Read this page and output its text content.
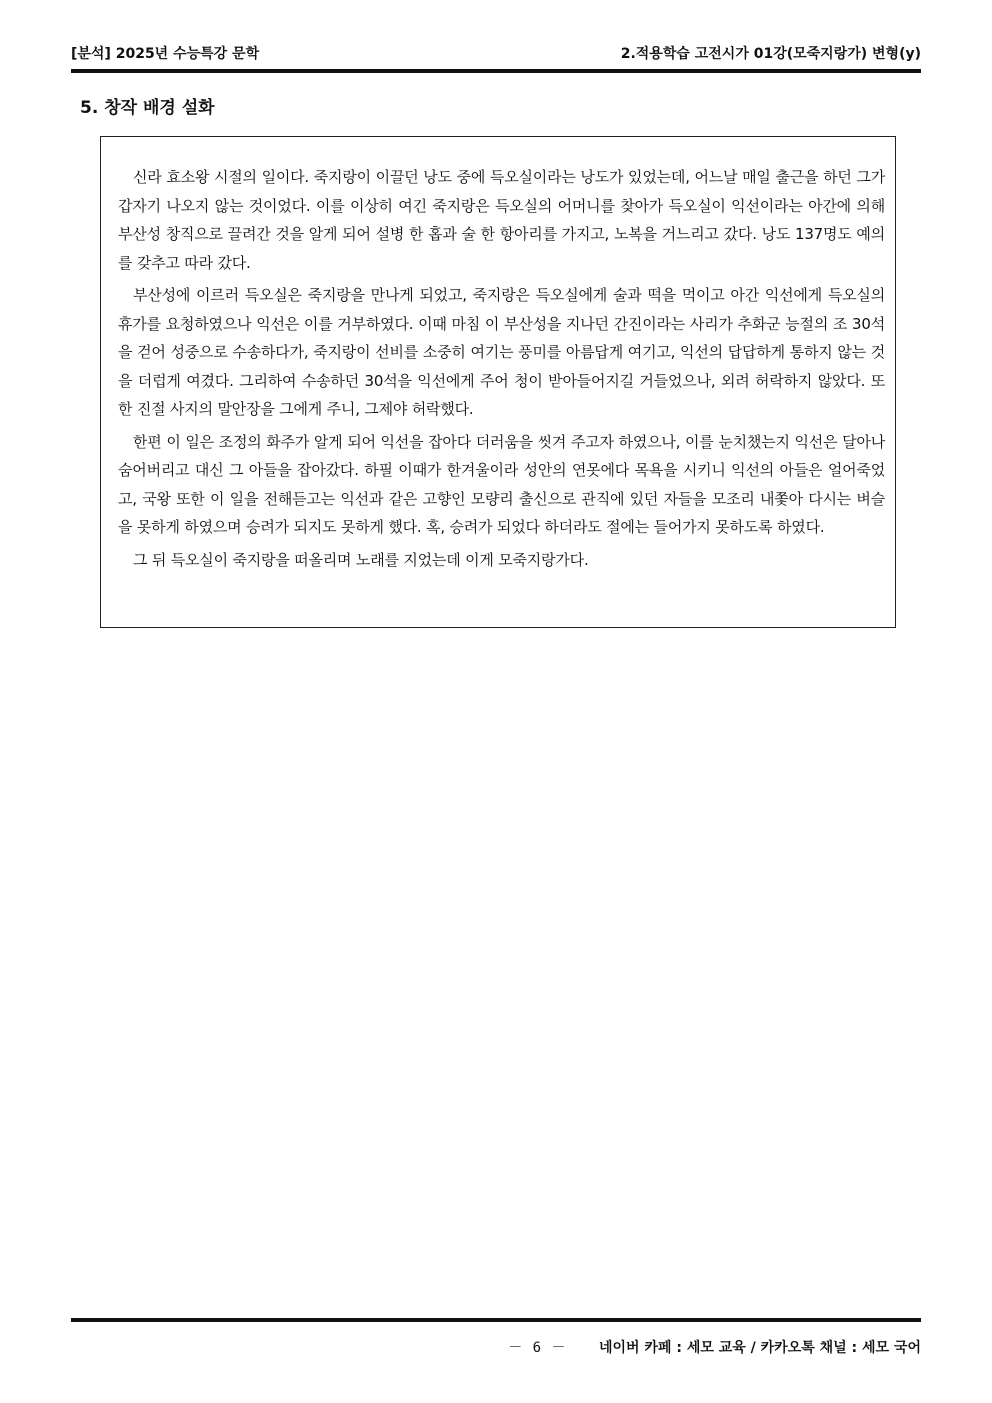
[분석] 2025년 수능특강 문학	2.적용학습 고전시가 01강(모죽지랑가) 변형(y)
5. 창작 배경 설화

신라 효소왕 시절의 일이다. 죽지랑이 이끌던 낭도 중에 득오실이라는 낭도가 있었는데, 어느날 매일 출근을 하던 그가 갑자기 나오지 않는 것이었다. 이를 이상히 여긴 죽지랑은 득오실의 어머니를 찾아가 득오실이 익선이라는 아간에 의해 부산성 창직으로 끌려간 것을 알게 되어 설병 한 홉과 술 한 항아리를 가지고, 노복을 거느리고 갔다. 낭도 137명도 예의를 갖추고 따라 갔다.

부산성에 이르러 득오실은 죽지랑을 만나게 되었고, 죽지랑은 득오실에게 술과 떡을 먹이고 아간 익선에게 득오실의 휴가를 요청하였으나 익선은 이를 거부하였다. 이때 마침 이 부산성을 지나던 간진이라는 사리가 추화군 능절의 조 30석을 걷어 성중으로 수송하다가, 죽지랑이 선비를 소중히 여기는 풍미를 아름답게 여기고, 익선의 답답하게 통하지 않는 것을 더럽게 여겼다. 그리하여 수송하던 30석을 익선에게 주어 청이 받아들어지길 거들었으나, 외려 허락하지 않았다. 또한 진절 사지의 말안장을 그에게 주니, 그제야 허락했다.

한편 이 일은 조정의 화주가 알게 되어 익선을 잡아다 더러움을 씻겨 주고자 하였으나, 이를 눈치챘는지 익선은 달아나 숨어버리고 대신 그 아들을 잡아갔다. 하필 이때가 한겨울이라 성안의 연못에다 목욕을 시키니 익선의 아들은 얼어죽었고, 국왕 또한 이 일을 전해듣고는 익선과 같은 고향인 모량리 출신으로 관직에 있던 자들을 모조리 내쫓아 다시는 벼슬을 못하게 하였으며 승려가 되지도 못하게 했다. 혹, 승려가 되었다 하더라도 절에는 들어가지 못하도록 하였다.

그 뒤 득오실이 죽지랑을 떠올리며 노래를 지었는데 이게 모죽지랑가다.

－ 6 － 네이버 카페 : 세모 교육 / 카카오톡 채널 : 세모 국어
